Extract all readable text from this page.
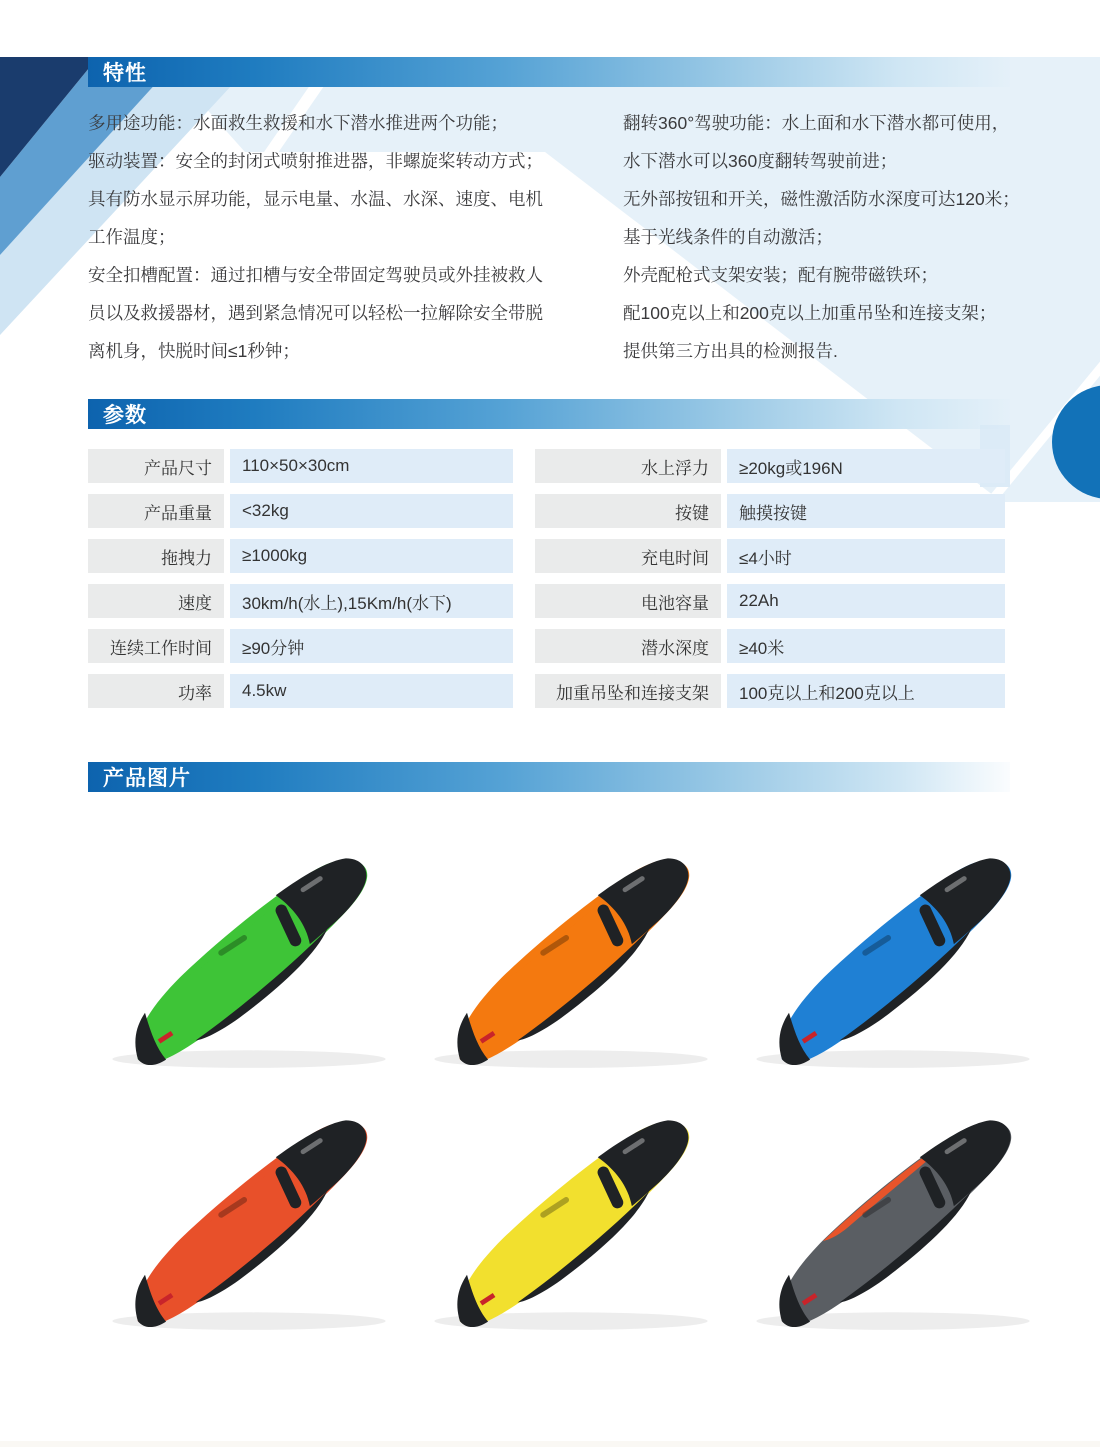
特性

多用途功能：水面救生救援和水下潜水推进两个功能；

驱动装置：安全的封闭式喷射推进器，非螺旋桨转动方式；

具有防水显示屏功能，显示电量、水温、水深、速度、电机

工作温度；

安全扣槽配置：通过扣槽与安全带固定驾驶员或外挂被救人

员以及救援器材，遇到紧急情况可以轻松一拉解除安全带脱

离机身，快脱时间≤1秒钟；

翻转360°驾驶功能：水上面和水下潜水都可使用，

水下潜水可以360度翻转驾驶前进；

无外部按钮和开关，磁性激活防水深度可达120米；

基于光线条件的自动激活；

外壳配枪式支架安装；配有腕带磁铁环；

配100克以上和200克以上加重吊坠和连接支架；

提供第三方出具的检测报告.

参数
产品尺寸	110×50×30cm
产品重量	<32kg
拖拽力	≥1000kg
速度	30km/h(水上),15Km/h(水下)
连续工作时间	≥90分钟
功率	4.5kw
水上浮力	≥20kg或196N
按键	触摸按键
充电时间	≤4小时
电池容量	22Ah
潜水深度	≥40米
加重吊坠和连接支架	100克以上和200克以上
产品图片
